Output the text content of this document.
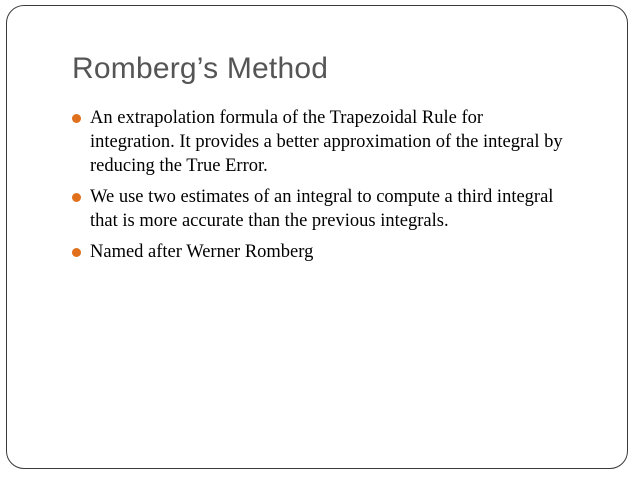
Romberg’s Method
An extrapolation formula of the Trapezoidal Rule for integration. It provides a better approximation of the integral by reducing the True Error.
We use two estimates of an integral to compute a third integral that is more accurate than the previous integrals.
Named after Werner Romberg
